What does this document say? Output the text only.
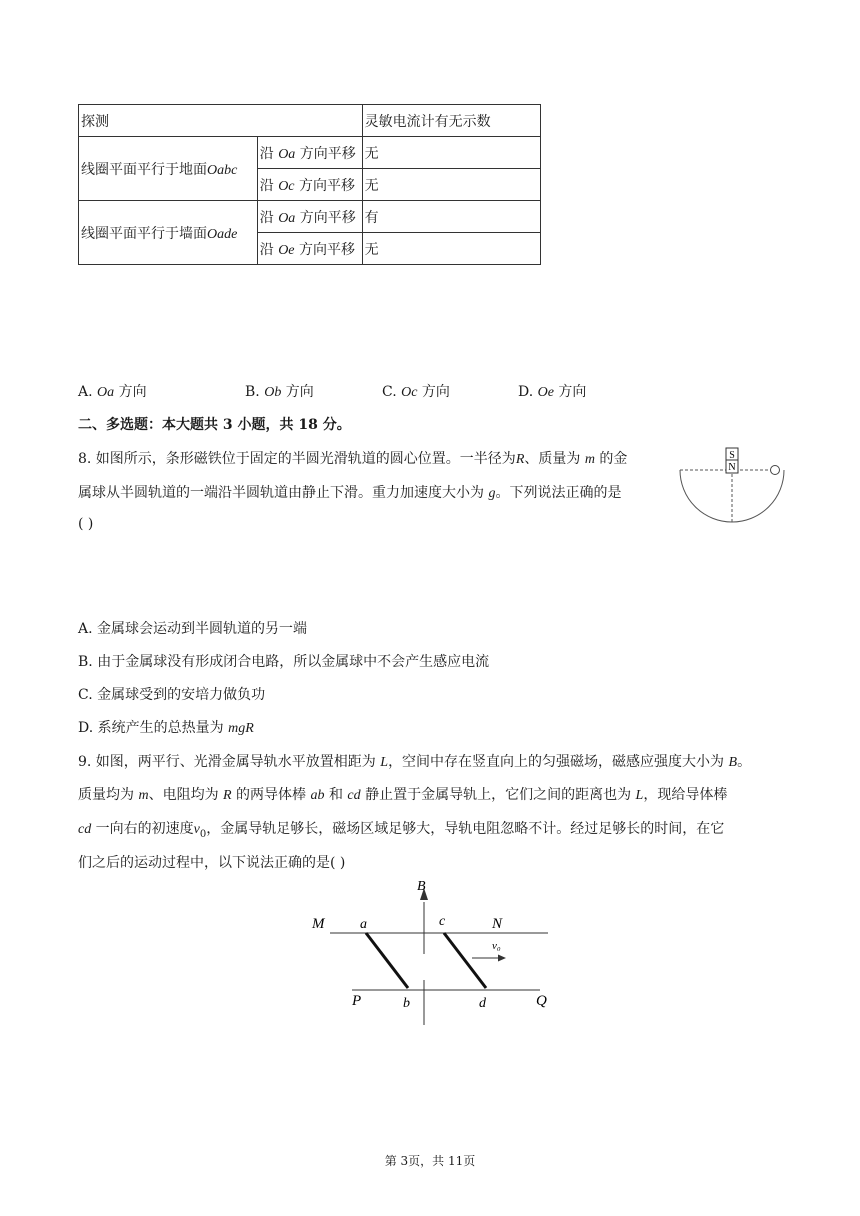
探测		灵敏电流计有无示数
线圈平面平行于地面Oabc	沿 Oa 方向平移	无
	沿 Oc 方向平移	无
线圈平面平行于墙面Oade	沿 Oa 方向平移	有
	沿 Oe 方向平移	无
A. Oa 方向	B. Ob 方向	C. Oc 方向	D. Oe 方向
二、多选题：本大题共 3 小题，共 18 分。
8. 如图所示，条形磁铁位于固定的半圆光滑轨道的圆心位置。一半径为R、质量为 m 的金
属球从半圆轨道的一端沿半圆轨道由静止下滑。重力加速度大小为 g。下列说法正确的是
( )
S
N
A. 金属球会运动到半圆轨道的另一端
B. 由于金属球没有形成闭合电路，所以金属球中不会产生感应电流
C. 金属球受到的安培力做负功
D. 系统产生的总热量为 mgR
9. 如图，两平行、光滑金属导轨水平放置相距为 L，空间中存在竖直向上的匀强磁场，磁感应强度大小为 B。
质量均为 m、电阻均为 R 的两导体棒 ab 和 cd 静止置于金属导轨上，它们之间的距离也为 L，现给导体棒
cd 一向右的初速度$v_0$，金属导轨足够长，磁场区域足够大，导轨电阻忽略不计。经过足够长的时间，在它
们之后的运动过程中，以下说法正确的是( )
B
v₀
M	a	c	N
P	b	d	Q
第 3页，共 11页
